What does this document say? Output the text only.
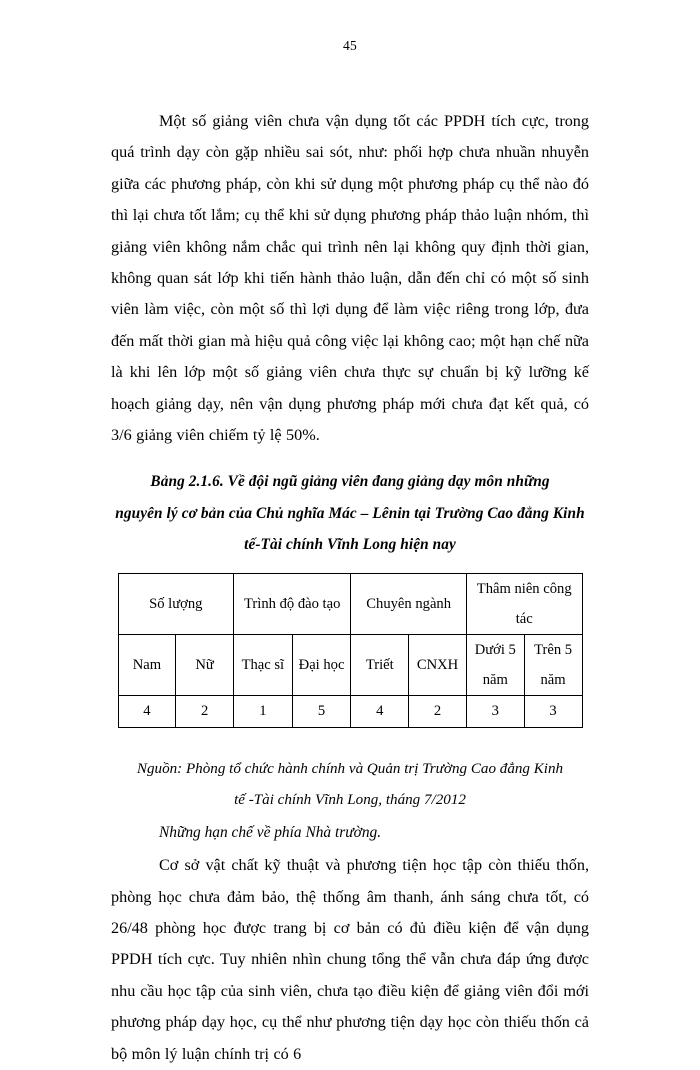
45

Một số giảng viên chưa vận dụng tốt các PPDH tích cực, trong quá trình dạy còn gặp nhiều sai sót, như: phối hợp chưa nhuần nhuyễn giữa các phương pháp, còn khi sử dụng một phương pháp cụ thể nào đó thì lại chưa tốt lắm; cụ thể khi sử dụng phương pháp thảo luận nhóm, thì giảng viên không nắm chắc qui trình nên lại không quy định thời gian, không quan sát lớp khi tiến hành thảo luận, dẫn đến chỉ có một số sinh viên làm việc, còn một số thì lợi dụng để làm việc riêng trong lớp, đưa đến mất thời gian mà hiệu quả công việc lại không cao; một hạn chế nữa là khi lên lớp một số giảng viên chưa thực sự chuẩn bị kỹ lưỡng kế hoạch giảng dạy, nên vận dụng phương pháp mới chưa đạt kết quả, có 3/6 giảng viên chiếm tỷ lệ 50%.

Bảng 2.1.6. Về đội ngũ giảng viên đang giảng dạy môn những
nguyên lý cơ bản của Chủ nghĩa Mác – Lênin tại Trường Cao đẳng Kinh
tế-Tài chính Vĩnh Long hiện nay
Số lượng		Trình độ đào tạo		Chuyên ngành		Thâm niên công tác	
Nam	Nữ	Thạc sĩ	Đại học	Triết	CNXH	Dưới 5 năm	Trên 5 năm
4	2	1	5	4	2	3	3
Nguồn: Phòng tổ chức hành chính và Quản trị Trường Cao đẳng Kinh
tế -Tài chính Vĩnh Long, tháng 7/2012

Những hạn chế về phía Nhà trường.

Cơ sở vật chất kỹ thuật và phương tiện học tập còn thiếu thốn, phòng học chưa đảm bảo, thệ thống âm thanh, ánh sáng chưa tốt, có 26/48 phòng học được trang bị cơ bản có đủ điều kiện để vận dụng PPDH tích cực. Tuy nhiên nhìn chung tổng thể vẫn chưa đáp ứng được nhu cầu học tập của sinh viên, chưa tạo điều kiện để giảng viên đổi mới phương pháp dạy học, cụ thể như phương tiện dạy học còn thiếu thốn cả bộ môn lý luận chính trị có 6
